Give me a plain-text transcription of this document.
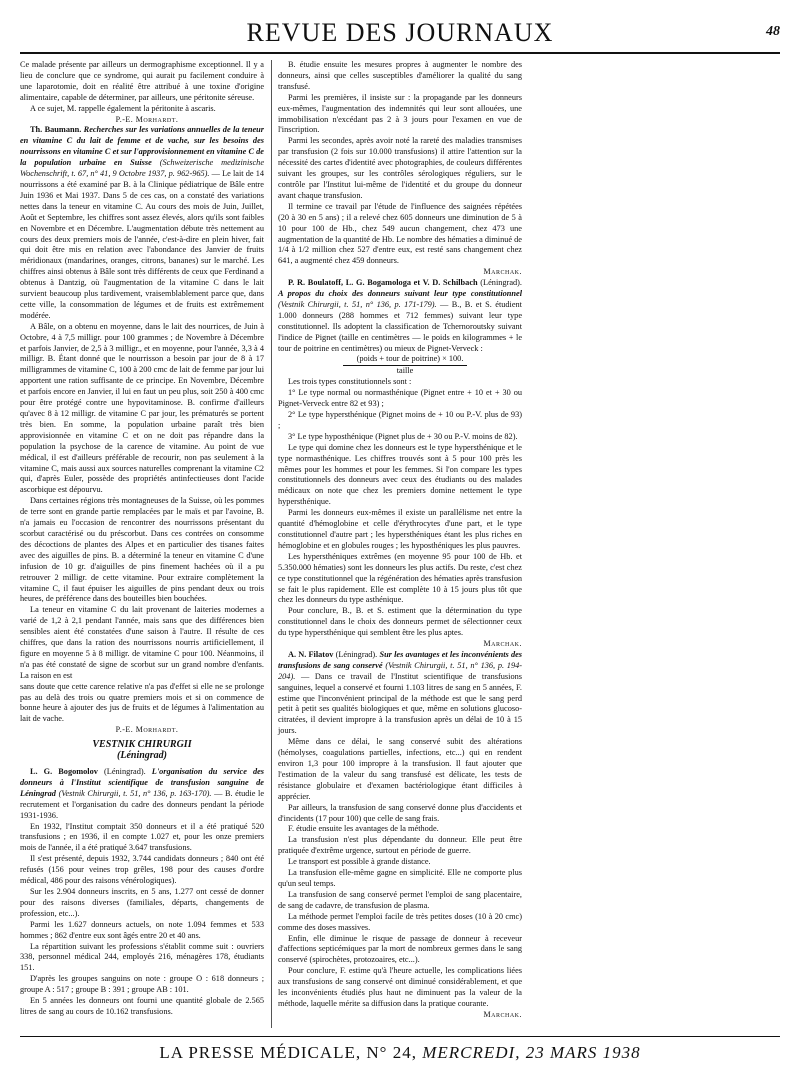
REVUE DES JOURNAUX	48

Ce malade présente par ailleurs un dermographisme exceptionnel. Il y a lieu de conclure que ce syndrome, qui aurait pu facilement conduire à une laparotomie, doit en réalité être attribué à une toxine d'origine alimentaire, capable de déterminer, par ailleurs, une péritonite séreuse.

A ce sujet, M. rappelle également la péritonite à ascaris.

P.-E. Morhardt.

Th. Baumann. Recherches sur les variations annuelles de la teneur en vitamine C du lait de femme et de vache, sur les besoins des nourrissons en vitamine C et sur l'approvisionnement en vitamine C de la population urbaine en Suisse (Schweizerische medizinische Wochenschrift, t. 67, n° 41, 9 Octobre 1937, p. 962-965). — Le lait de 14 nourrissons a été examiné par B. à la Clinique pédiatrique de Bâle entre Juin 1936 et Mai 1937. Dans 5 de ces cas, on a constaté des variations nettes dans la teneur en vitamine C. Au cours des mois de Juin, Juillet, Août et Septembre, les chiffres sont assez élevés, alors qu'ils sont faibles en Novembre et en Décembre. L'augmentation débute très nettement au cours des deux premiers mois de l'année, c'est-à-dire en plein hiver, fait qui doit être mis en relation avec l'abondance des Janvier de fruits méridionaux (mandarines, oranges, citrons, bananes) sur le marché. Les chiffres ainsi obtenus à Bâle sont très différents de ceux que Ferdinand a obtenus à Dantzig, où l'augmentation de la vitamine C dans le lait survient beaucoup plus tardivement, vraisemblablement parce que, dans cette ville, la consommation de légumes et de fruits est extrêmement modérée.

A Bâle, on a obtenu en moyenne, dans le lait des nourrices, de Juin à Octobre, 4 à 7,5 milligr. pour 100 grammes ; de Novembre à Décembre et parfois Janvier, de 2,5 à 3 milligr., et en moyenne, pour l'année, 3,3 à 4 milligr. B. Étant donné que le nourrisson a besoin par jour de 8 à 17 milligrammes de vitamine C, 100 à 200 cmc de lait de femme par jour lui apportent une ration suffisante de ce principe. En Novembre, Décembre et parfois encore en Janvier, il lui en faut un peu plus, soit 250 à 400 cmc pour être protégé contre une hypovitaminose. B. confirme d'ailleurs qu'avec 8 à 12 milligr. de vitamine C par jour, les prématurés se portent très bien. En somme, la population urbaine paraît très bien approvisionnée en vitamine C et on ne doit pas répandre dans la population la psychose de la carence de vitamine. Au point de vue médical, il est d'ailleurs préférable de recourir, non pas seulement à la vitamine C, mais aussi aux sources naturelles comprenant la vitamine C2 qui, d'après Euler, possède des propriétés antinfectieuses dont l'acide ascorbique est dépourvu.

Dans certaines régions très montagneuses de la Suisse, où les pommes de terre sont en grande partie remplacées par le maïs et par l'avoine, B. n'a jamais eu l'occasion de rencontrer des nourrissons présentant du scorbut caractérisé ou du préscorbut. Dans ces contrées on consomme des décoctions de plantes des Alpes et en particulier des tisanes faites avec des aiguilles de pins. B. a déterminé la teneur en vitamine C d'une infusion de 10 gr. d'aiguilles de pins finement hachées où il a pu retrouver 2 milligr. de cette vitamine. Pour extraire complètement la vitamine C, il faut épuiser les aiguilles de pins pendant deux ou trois heures, de préférence dans des bouteilles bien bouchées.

La teneur en vitamine C du lait provenant de laiteries modernes a varié de 1,2 à 2,1 pendant l'année, mais sans que des différences bien sensibles aient été constatées d'une saison à l'autre. Il résulte de ces chiffres, que dans la ration des nourrissons nourris artificiellement, il figure en moyenne 5 à 8 milligr. de vitamine C pour 100. Néanmoins, il n'a pas été constaté de signe de scorbut sur un grand nombre d'enfants. La raison en est

sans doute que cette carence relative n'a pas d'effet si elle ne se prolonge pas au delà des trois ou quatre premiers mois et si on commence de bonne heure à ajouter des jus de fruits et de légumes à l'alimentation au lait de vache.

P.-E. Morhardt.

VESTNIK CHIRURGII
(Léningrad)

L. G. Bogomolov (Léningrad). L'organisation du service des donneurs à l'Institut scientifique de transfusion sanguine de Léningrad (Vestnik Chirurgii, t. 51, n° 136, p. 163-170). — B. étudie le recrutement et l'organisation du cadre des donneurs pendant la période 1931-1936.

En 1932, l'Institut comptait 350 donneurs et il a été pratiqué 520 transfusions ; en 1936, il en compte 1.027 et, pour les onze premiers mois de l'année, il a été pratiqué 3.647 transfusions.

Il s'est présenté, depuis 1932, 3.744 candidats donneurs ; 840 ont été refusés (156 pour veines trop grêles, 198 pour des causes d'ordre médical, 486 pour des raisons vénérologiques).

Sur les 2.904 donneurs inscrits, en 5 ans, 1.277 ont cessé de donner pour des raisons diverses (familiales, départs, changements de profession, etc...).

Parmi les 1.627 donneurs actuels, on note 1.094 femmes et 533 hommes ; 862 d'entre eux sont âgés entre 20 et 40 ans.

La répartition suivant les professions s'établit comme suit : ouvriers 338, personnel médical 244, employés 216, ménagères 178, étudiants 151.

D'après les groupes sanguins on note : groupe O : 618 donneurs ; groupe A : 517 ; groupe B : 391 ; groupe AB : 101.

En 5 années les donneurs ont fourni une quantité globale de 2.565 litres de sang au cours de 10.162 transfusions.

B. étudie ensuite les mesures propres à augmenter le nombre des donneurs, ainsi que celles susceptibles d'améliorer la qualité du sang transfusé.

Parmi les premières, il insiste sur : la propagande par les donneurs eux-mêmes, l'augmentation des indemnités qui leur sont allouées, une immobilisation n'excédant pas 2 à 3 jours pour l'examen en vue de l'inscription.

Parmi les secondes, après avoir noté la rareté des maladies transmises par transfusion (2 fois sur 10.000 transfusions) il attire l'attention sur la nécessité des cartes d'identité avec photographies, de couleurs différentes suivant les groupes, sur les contrôles sérologiques réguliers, sur le contrôle par l'Institut lui-même de l'identité et du groupe du donneur avant chaque transfusion.

Il termine ce travail par l'étude de l'influence des saignées répétées (20 à 30 en 5 ans) ; il a relevé chez 605 donneurs une diminution de 5 à 10 pour 100 de Hb., chez 549 aucun changement, chez 473 une augmentation de la quantité de Hb. Le nombre des hématies a diminué de 1/4 à 1/2 million chez 527 d'entre eux, est resté sans changement chez 641, a augmenté chez 459 donneurs.

Marchak.

P. R. Boulatoff, L. G. Bogamologa et V. D. Schilbach (Léningrad). A propos du choix des donneurs suivant leur type constitutionnel (Vestnik Chirurgii, t. 51, n° 136, p. 171-179). — B., B. et S. étudient 1.000 donneurs (288 hommes et 712 femmes) suivant leur type constitutionnel. Ils adoptent la classification de Tchernoroutsky suivant l'indice de Pignet (taille en centimètres — le poids en kilogrammes + le tour de poitrine en centimètres) ou mieux de Pignet-Verveck :

(poids + tour de poitrine) × 100.

taille

Les trois types constitutionnels sont :

1° Le type normal ou normasthénique (Pignet entre + 10 et + 30 ou Pignet-Verveck entre 82 et 93) ;

2° Le type hypersthénique (Pignet moins de + 10 ou P.-V. plus de 93) ;

3° Le type hyposthénique (Pignet plus de + 30 ou P.-V. moins de 82).

Le type qui domine chez les donneurs est le type hypersthénique et le type normasthénique. Les chiffres trouvés sont à 5 pour 100 près les mêmes pour les hommes et pour les femmes. Si l'on compare les types constitutionnels des donneurs avec ceux des étudiants ou des malades médicaux on note que chez les premiers domine nettement le type hypersthénique.

Parmi les donneurs eux-mêmes il existe un parallélisme net entre la quantité d'hémoglobine et celle d'érythrocytes d'une part, et le type constitutionnel d'autre part ; les hypersthéniques étant les plus riches en hémoglobine et en globules rouges ; les hyposthéniques les plus pauvres.

Les hypersthéniques extrêmes (en moyenne 95 pour 100 de Hb. et 5.350.000 hématies) sont les donneurs les plus actifs. Du reste, c'est chez ce type constitutionnel que la régénération des hématies après transfusion se fait le plus rapidement. Elle est complète 10 à 15 jours plus tôt que chez les donneurs du type asthénique.

Pour conclure, B., B. et S. estiment que la détermination du type constitutionnel dans le choix des donneurs permet de sélectionner ceux du type hypersthénique qui semblent être les plus aptes.

Marchak.

A. N. Filatov (Léningrad). Sur les avantages et les inconvénients des transfusions de sang conservé (Vestnik Chirurgii, t. 51, n° 136, p. 194-204). — Dans ce travail de l'Institut scientifique de transfusions sanguines, lequel a conservé et fourni 1.103 litres de sang en 5 années, F. estime que l'inconvénient principal de la méthode est que le sang perd petit à petit ses qualités biologiques et que, même en solutions glucoso-citratées, il devient impropre à la transfusion après un délai de 10 à 15 jours.

Même dans ce délai, le sang conservé subit des altérations (hémolyses, coagulations partielles, infections, etc...) qui en rendent environ 1,3 pour 100 impropre à la transfusion. Il faut ajouter que l'estimation de la valeur du sang transfusé est délicate, les tests de résistance globulaire et d'examen bactériologique étant difficiles à apprécier.

Par ailleurs, la transfusion de sang conservé donne plus d'accidents et d'incidents (17 pour 100) que celle de sang frais.

F. étudie ensuite les avantages de la méthode.

La transfusion n'est plus dépendante du donneur. Elle peut être pratiquée d'extrême urgence, surtout en période de guerre.

Le transport est possible à grande distance.

La transfusion elle-même gagne en simplicité. Elle ne comporte plus qu'un seul temps.

La transfusion de sang conservé permet l'emploi de sang placentaire, de sang de cadavre, de transfusion de plasma.

La méthode permet l'emploi facile de très petites doses (10 à 20 cmc) comme des doses massives.

Enfin, elle diminue le risque de passage de donneur à receveur d'affections septicémiques par la mort de nombreux germes dans le sang conservé (spirochètes, protozoaires, etc...).

Pour conclure, F. estime qu'à l'heure actuelle, les complications liées aux transfusions de sang conservé ont diminué considérablement, et que les inconvénients étudiés plus haut ne diminuent pas la valeur de la méthode, laquelle mérite sa diffusion dans la pratique courante.

Marchak.

LA PRESSE MÉDICALE, N° 24, MERCREDI, 23 MARS 1938
